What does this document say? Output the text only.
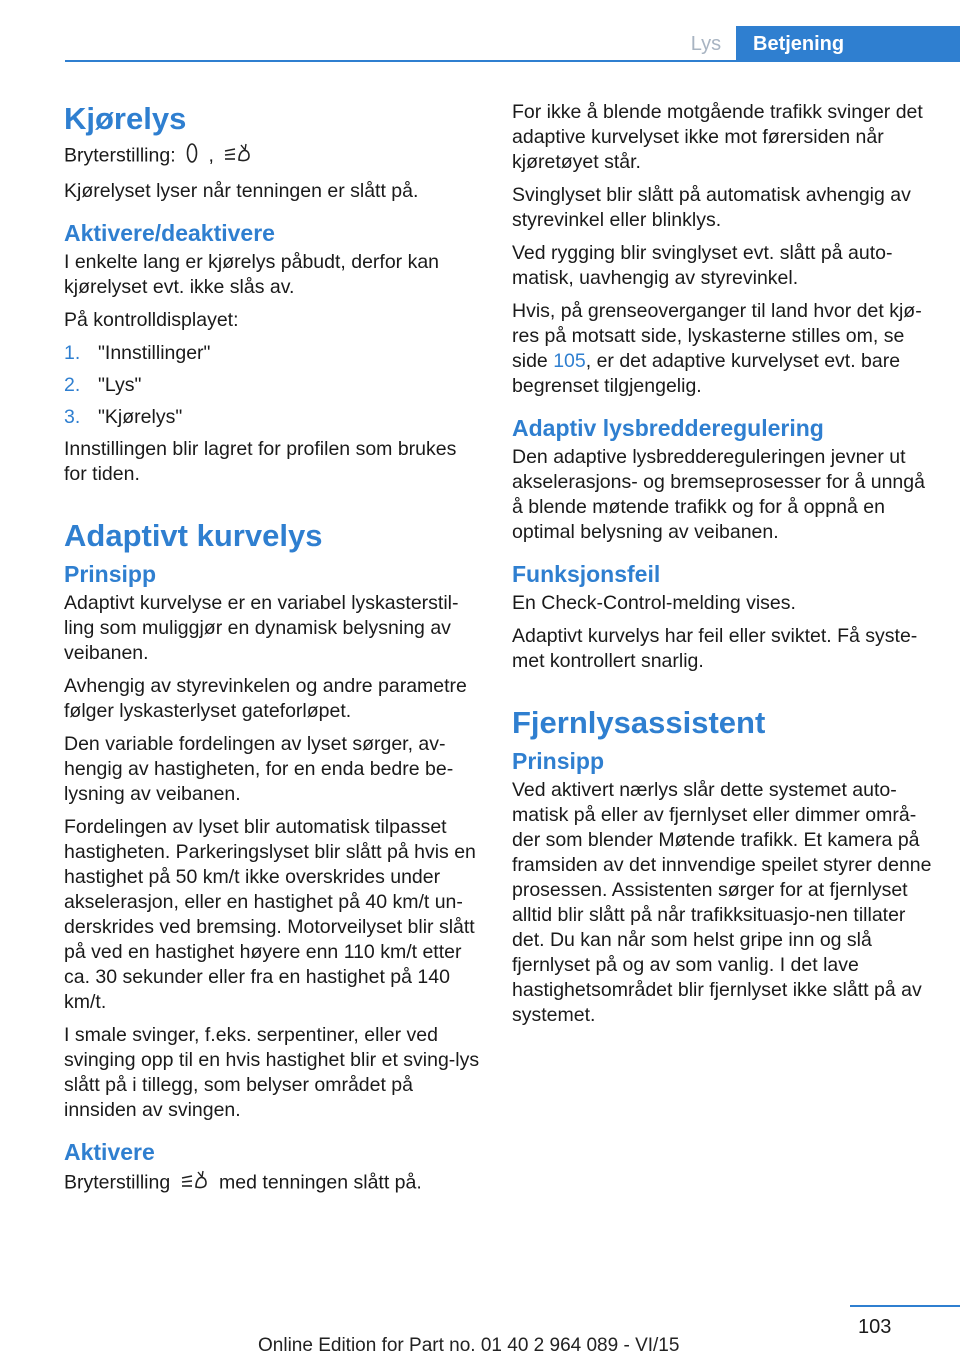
Lys	Betjening
Kjørelys

Bryterstilling: ,

Kjørelyset lyser når tenningen er slått på.

Aktivere/deaktivere

I enkelte lang er kjørelys påbudt, derfor kan kjørelyset evt. ikke slås av.

På kontrolldisplayet:

1. "Innstillinger"
2. "Lys"
3. "Kjørelys"

Innstillingen blir lagret for profilen som brukes for tiden.

Adaptivt kurvelys
Prinsipp

Adaptivt kurvelyse er en variabel lyskasterstil-ling som muliggjør en dynamisk belysning av veibanen.

Avhengig av styrevinkelen og andre parametre følger lyskasterlyset gateforløpet.

Den variable fordelingen av lyset sørger, av-hengig av hastigheten, for en enda bedre be-lysning av veibanen.

Fordelingen av lyset blir automatisk tilpasset hastigheten. Parkeringslyset blir slått på hvis en hastighet på 50 km/t ikke overskrides under akselerasjon, eller en hastighet på 40 km/t un-derskrides ved bremsing. Motorveilyset blir slått på ved en hastighet høyere enn 110 km/t etter ca. 30 sekunder eller fra en hastighet på 140 km/t.

I smale svinger, f.eks. serpentiner, eller ved svinging opp til en hvis hastighet blir et sving-lys slått på i tillegg, som belyser området på innsiden av svingen.

Aktivere

Bryterstilling	med tenningen slått på.

For ikke å blende motgående trafikk svinger det adaptive kurvelyset ikke mot førersiden når kjøretøyet står.

Svinglyset blir slått på automatisk avhengig av styrevinkel eller blinklys.

Ved rygging blir svinglyset evt. slått på auto-matisk, uavhengig av styrevinkel.

Hvis, på grenseoverganger til land hvor det kjø-res på motsatt side, lyskasterne stilles om, se side 105, er det adaptive kurvelyset evt. bare begrenset tilgjengelig.

Adaptiv lysbredderegulering

Den adaptive lysbreddereguleringen jevner ut akselerasjons- og bremseprosesser for å unngå å blende møtende trafikk og for å oppnå en optimal belysning av veibanen.

Funksjonsfeil

En Check-Control-melding vises.

Adaptivt kurvelys har feil eller sviktet. Få syste-met kontrollert snarlig.

Fjernlysassistent
Prinsipp

Ved aktivert nærlys slår dette systemet auto-matisk på eller av fjernlyset eller dimmer områ-der som blender Møtende trafikk. Et kamera på framsiden av det innvendige speilet styrer denne prosessen. Assistenten sørger for at fjernlyset alltid blir slått på når trafikksituasjo-nen tillater det. Du kan når som helst gripe inn og slå fjernlyset på og av som vanlig. I det lave hastighetsområdet blir fjernlyset ikke slått på av systemet.

103
Online Edition for Part no. 01 40 2 964 089 - VI/15
